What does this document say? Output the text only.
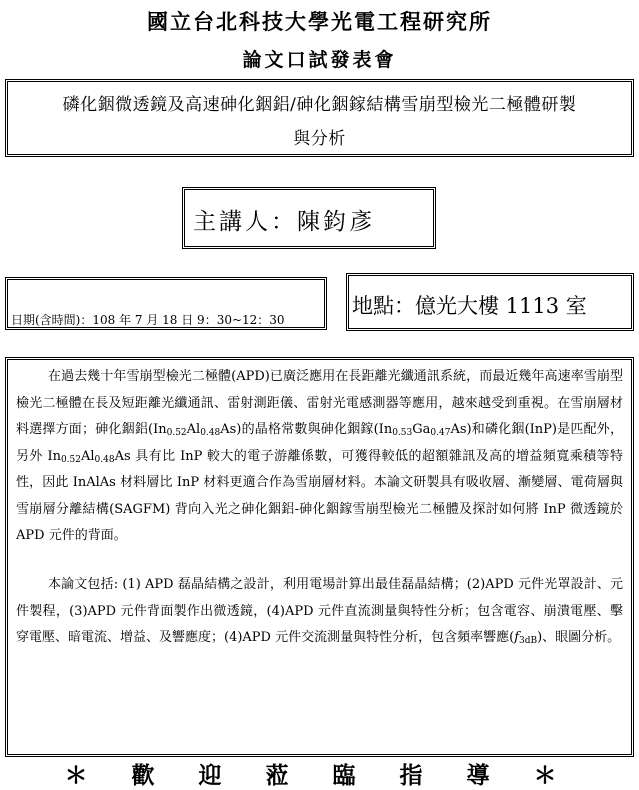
國立台北科技大學光電工程研究所
論文口試發表會
磷化銦微透鏡及高速砷化銦鋁/砷化銦鎵結構雪崩型檢光二極體研製
與分析
主講人：陳鈞彥
日期(含時間)：108 年 7 月 18 日 9：30~12：30
地點：億光大樓 1113 室
在過去幾十年雪崩型檢光二極體(APD)已廣泛應用在長距離光纖通訊系統，而最近幾年高速率雪崩型檢光二極體在長及短距離光纖通訊、雷射測距儀、雷射光電感測器等應用，越來越受到重視。在雪崩層材料選擇方面；砷化銦鋁$(In_{0.52}Al_{0.48}As)$的晶格常數與砷化銦鎵$(In_{0.53}Ga_{0.47}As)$和磷化銦(InP)是匹配外，另外 $In_{0.52}Al_{0.48}As$ 具有比 InP 較大的電子游離係數，可獲得較低的超額雜訊及高的增益頻寬乘積等特性，因此 InAlAs 材料層比 InP 材料更適合作為雪崩層材料。本論文研製具有吸收層、漸變層、電荷層與雪崩層分離結構(SAGFM) 背向入光之砷化銦鋁-砷化銦鎵雪崩型檢光二極體及探討如何將 InP 微透鏡於 APD 元件的背面。
本論文包括: (1) APD 磊晶結構之設計，利用電場計算出最佳磊晶結構；(2)APD 元件光罩設計、元件製程，(3)APD 元件背面製作出微透鏡，(4)APD 元件直流測量與特性分析；包含電容、崩潰電壓、擊穿電壓、暗電流、增益、及響應度；(4)APD 元件交流測量與特性分析，包含頻率響應$(f_{3dB})$、眼圖分析。
＊ 歡 迎 蒞 臨 指 導 ＊
